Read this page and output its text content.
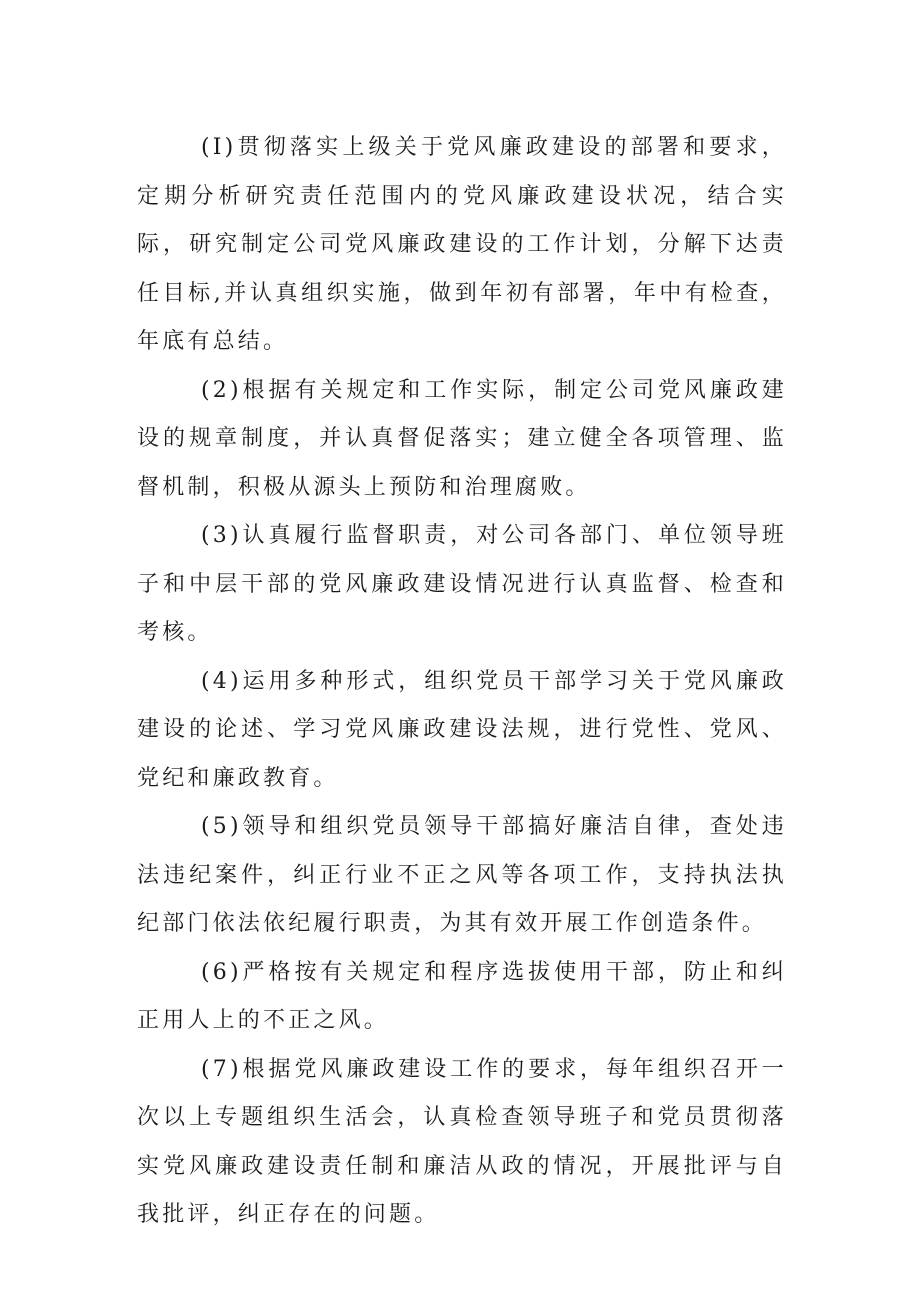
(I)贯彻落实上级关于党风廉政建设的部署和要求，定期分析研究责任范围内的党风廉政建设状况，结合实际，研究制定公司党风廉政建设的工作计划，分解下达责任目标,并认真组织实施，做到年初有部署，年中有检查，年底有总结。

(2)根据有关规定和工作实际，制定公司党风廉政建设的规章制度，并认真督促落实；建立健全各项管理、监督机制，积极从源头上预防和治理腐败。

(3)认真履行监督职责，对公司各部门、单位领导班子和中层干部的党风廉政建设情况进行认真监督、检查和考核。

(4)运用多种形式，组织党员干部学习关于党风廉政建设的论述、学习党风廉政建设法规，进行党性、党风、党纪和廉政教育。

(5)领导和组织党员领导干部搞好廉洁自律，查处违法违纪案件，纠正行业不正之风等各项工作，支持执法执纪部门依法依纪履行职责，为其有效开展工作创造条件。

(6)严格按有关规定和程序选拔使用干部，防止和纠正用人上的不正之风。

(7)根据党风廉政建设工作的要求，每年组织召开一次以上专题组织生活会，认真检查领导班子和党员贯彻落实党风廉政建设责任制和廉洁从政的情况，开展批评与自我批评，纠正存在的问题。
